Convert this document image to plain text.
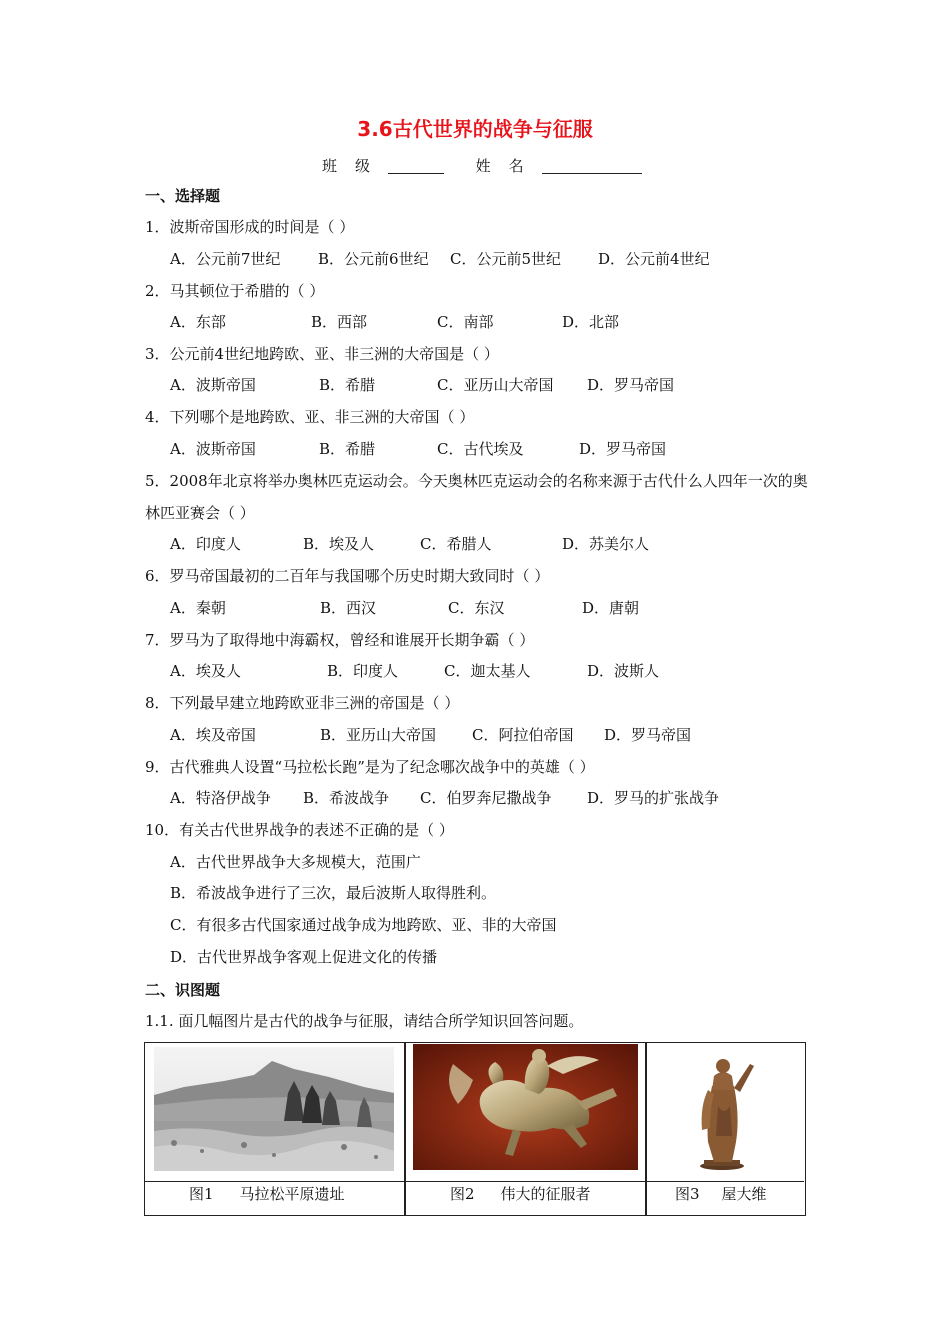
3.6古代世界的战争与征服
班级	姓名
一、选择题
1．波斯帝国形成的时间是（ ）
A．公元前7世纪	B．公元前6世纪 C．公元前5世纪 D．公元前4世纪
2．马其顿位于希腊的（ ）
A．东部	B．西部	C．南部	D．北部
3．公元前4世纪地跨欧、亚、非三洲的大帝国是（ ）
A．波斯帝国	B．希腊	C．亚历山大帝国 D．罗马帝国
4．下列哪个是地跨欧、亚、非三洲的大帝国（ ）
A．波斯帝国	B．希腊	C．古代埃及	D．罗马帝国
5．2008年北京将举办奥林匹克运动会。今天奥林匹克运动会的名称来源于古代什么人四年一次的奥林匹亚赛会（ ）
A．印度人	B．埃及人	C．希腊人	D．苏美尔人
6．罗马帝国最初的二百年与我国哪个历史时期大致同时（ ）
A．秦朝	B．西汉	C．东汉	D．唐朝
7．罗马为了取得地中海霸权，曾经和谁展开长期争霸（ ）
A．埃及人	B．印度人	C．迦太基人	D．波斯人
8．下列最早建立地跨欧亚非三洲的帝国是（ ）
A．埃及帝国	B．亚历山大帝国 C．阿拉伯帝国 D．罗马帝国
9．古代雅典人设置“马拉松长跑”是为了纪念哪次战争中的英雄（ ）
A．特洛伊战争 B．希波战争 C．伯罗奔尼撒战争 D．罗马的扩张战争
10．有关古代世界战争的表述不正确的是（ ）
A．古代世界战争大多规模大，范围广
B．希波战争进行了三次，最后波斯人取得胜利。
C．有很多古代国家通过战争成为地跨欧、亚、非的大帝国
D．古代世界战争客观上促进文化的传播
二、识图题
1.1. 面几幅图片是古代的战争与征服，请结合所学知识回答问题。
图1 马拉松平原遗址	图2 伟大的征服者	图3 屋大维
